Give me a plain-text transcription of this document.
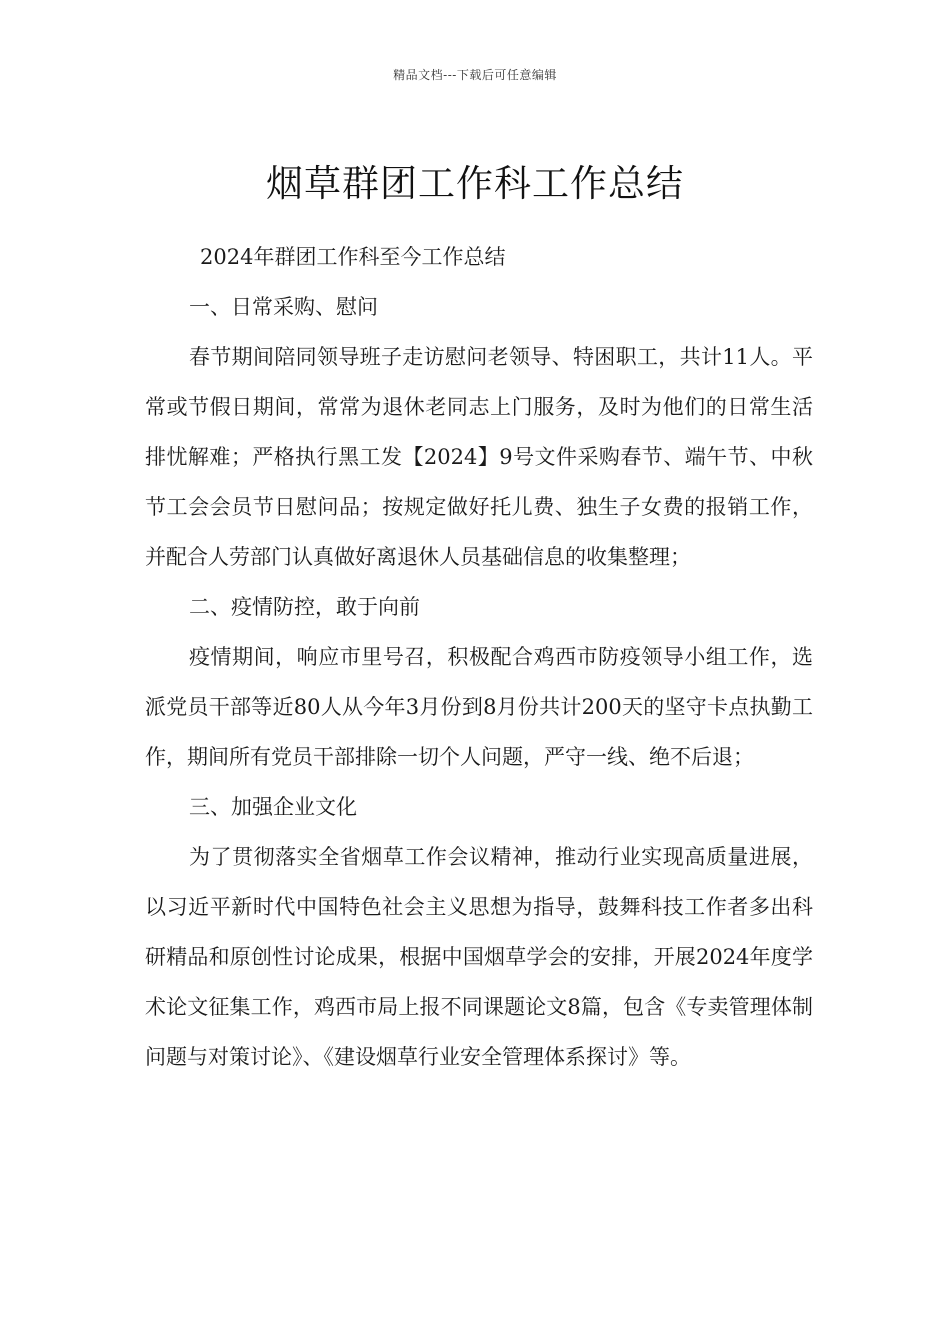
精品文档---下载后可任意编辑
烟草群团工作科工作总结

2024年群团工作科至今工作总结

一、日常采购、慰问

春节期间陪同领导班子走访慰问老领导、特困职工，共计11人。平常或节假日期间，常常为退休老同志上门服务，及时为他们的日常生活排忧解难；严格执行黑工发【2024】9号文件采购春节、端午节、中秋节工会会员节日慰问品；按规定做好托儿费、独生子女费的报销工作，并配合人劳部门认真做好离退休人员基础信息的收集整理；

二、疫情防控，敢于向前

疫情期间，响应市里号召，积极配合鸡西市防疫领导小组工作，选派党员干部等近80人从今年3月份到8月份共计200天的坚守卡点执勤工作，期间所有党员干部排除一切个人问题，严守一线、绝不后退；

三、加强企业文化

为了贯彻落实全省烟草工作会议精神，推动行业实现高质量进展，以习近平新时代中国特色社会主义思想为指导，鼓舞科技工作者多出科研精品和原创性讨论成果，根据中国烟草学会的安排，开展2024年度学术论文征集工作，鸡西市局上报不同课题论文8篇，包含《专卖管理体制问题与对策讨论》、《建设烟草行业安全管理体系探讨》等。
